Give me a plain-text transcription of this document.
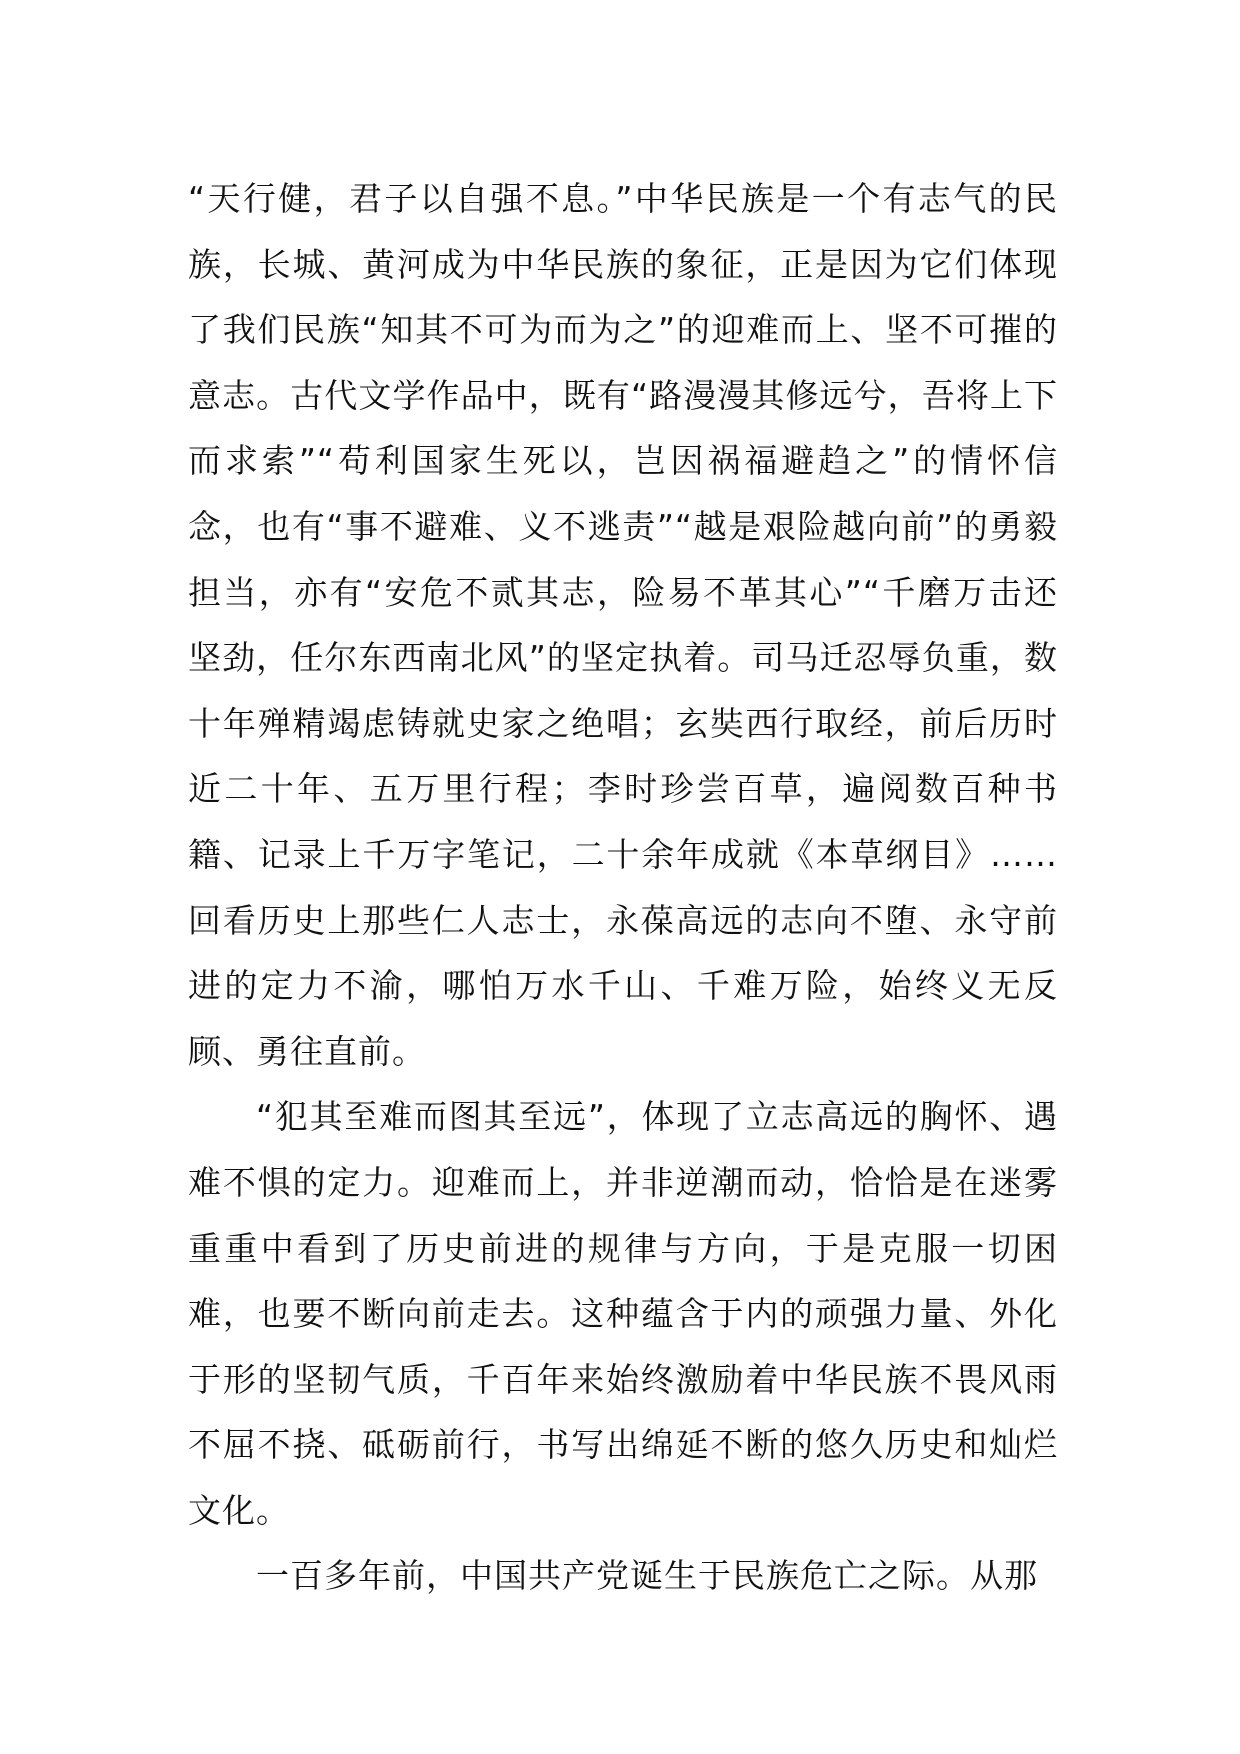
“天行健，君子以自强不息。”中华民族是一个有志气的民族，长城、黄河成为中华民族的象征，正是因为它们体现了我们民族“知其不可为而为之”的迎难而上、坚不可摧的意志。古代文学作品中，既有“路漫漫其修远兮，吾将上下而求索”“苟利国家生死以，岂因祸福避趋之”的情怀信念，也有“事不避难、义不逃责”“越是艰险越向前”的勇毅担当，亦有“安危不贰其志，险易不革其心”“千磨万击还坚劲，任尔东西南北风”的坚定执着。司马迁忍辱负重，数十年殚精竭虑铸就史家之绝唱；玄奘西行取经，前后历时近二十年、五万里行程；李时珍尝百草，遍阅数百种书籍、记录上千万字笔记，二十余年成就《本草纲目》……回看历史上那些仁人志士，永葆高远的志向不堕、永守前进的定力不渝，哪怕万水千山、千难万险，始终义无反顾、勇往直前。

“犯其至难而图其至远”，体现了立志高远的胸怀、遇难不惧的定力。迎难而上，并非逆潮而动，恰恰是在迷雾重重中看到了历史前进的规律与方向，于是克服一切困难，也要不断向前走去。这种蕴含于内的顽强力量、外化于形的坚韧气质，千百年来始终激励着中华民族不畏风雨不屈不挠、砥砺前行，书写出绵延不断的悠久历史和灿烂文化。

一百多年前，中国共产党诞生于民族危亡之际。从那
